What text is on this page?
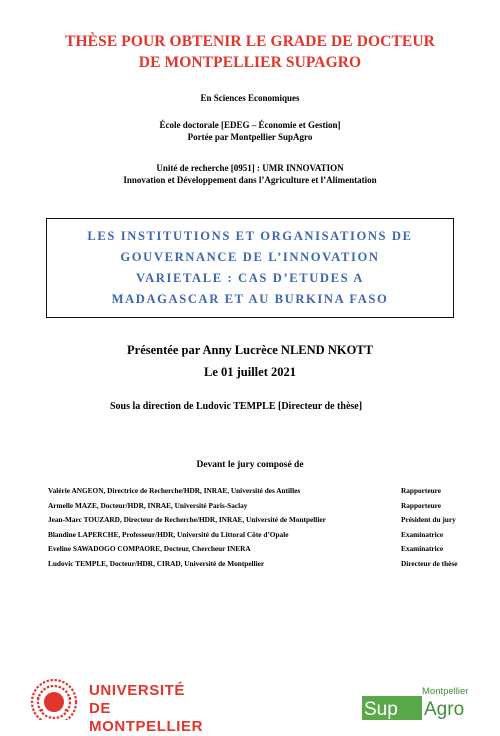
THÈSE POUR OBTENIR LE GRADE DE DOCTEUR
DE MONTPELLIER SUPAGRO
En Sciences Economiques
École doctorale [EDEG – Économie et Gestion]
Portée par Montpellier SupAgro
Unité de recherche [0951] : UMR INNOVATION
Innovation et Développement dans l’Agriculture et l’Alimentation
LES INSTITUTIONS ET ORGANISATIONS DE
GOUVERNANCE DE L’INNOVATION
VARIETALE : CAS D’ETUDES A
MADAGASCAR ET AU BURKINA FASO
Présentée par Anny Lucrèce NLEND NKOTT
Le 01 juillet 2021
Sous la direction de Ludovic TEMPLE [Directeur de thèse]
Devant le jury composé de
Valérie ANGEON, Directrice de Recherche/HDR, INRAE, Université des Antilles	Rapporteure
Armelle MAZE, Docteur/HDR, INRAE, Université Paris-Saclay	Rapporteure
Jean-Marc TOUZARD, Directeur de Recherche/HDR, INRAE, Université de Montpellier	Président du jury
Blandine LAPERCHE, Professeur/HDR, Université du Littoral Côte d’Opale	Examinatrice
Eveline SAWADOGO COMPAORE, Docteur, Chercheur INERA	Examinatrice
Ludovic TEMPLE, Docteur/HDR, CIRAD, Université de Montpellier	Directeur de thèse
UNIVERSITÉ
DE MONTPELLIER
Montpellier
Sup	Agro
